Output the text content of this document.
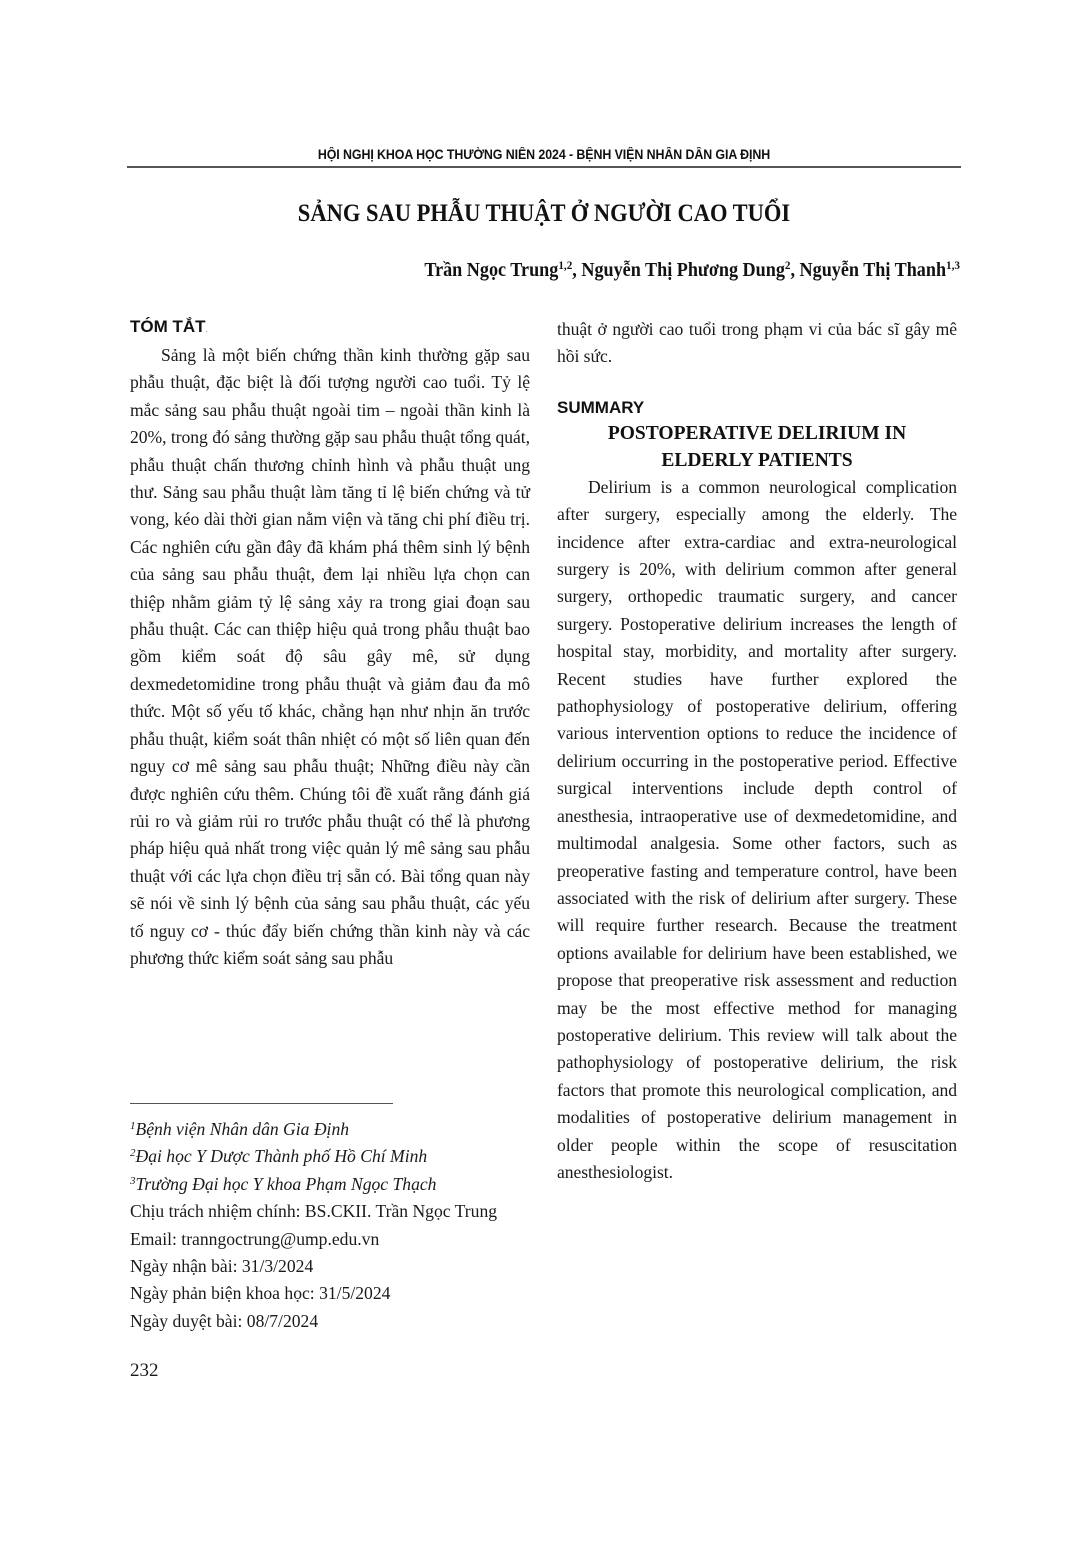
HỘI NGHỊ KHOA HỌC THƯỜNG NIÊN 2024 - BỆNH VIỆN NHÂN DÂN GIA ĐỊNH
SẢNG SAU PHẪU THUẬT Ở NGƯỜI CAO TUỔI
Trần Ngọc Trung$^{1,2}$, Nguyễn Thị Phương Dung$^2$, Nguyễn Thị Thanh$^{1,3}$
TÓM TẮT.

Sảng là một biến chứng thần kinh thường gặp sau phẫu thuật, đặc biệt là đối tượng người cao tuổi. Tỷ lệ mắc sảng sau phẫu thuật ngoài tim – ngoài thần kinh là 20%, trong đó sảng thường gặp sau phẫu thuật tổng quát, phẫu thuật chấn thương chỉnh hình và phẫu thuật ung thư. Sảng sau phẫu thuật làm tăng tỉ lệ biến chứng và tử vong, kéo dài thời gian nằm viện và tăng chi phí điều trị. Các nghiên cứu gần đây đã khám phá thêm sinh lý bệnh của sảng sau phẫu thuật, đem lại nhiều lựa chọn can thiệp nhằm giảm tỷ lệ sảng xảy ra trong giai đoạn sau phẫu thuật. Các can thiệp hiệu quả trong phẫu thuật bao gồm kiểm soát độ sâu gây mê, sử dụng dexmedetomidine trong phẫu thuật và giảm đau đa mô thức. Một số yếu tố khác, chẳng hạn như nhịn ăn trước phẫu thuật, kiểm soát thân nhiệt có một số liên quan đến nguy cơ mê sảng sau phẫu thuật; Những điều này cần được nghiên cứu thêm. Chúng tôi đề xuất rằng đánh giá rủi ro và giảm rủi ro trước phẫu thuật có thể là phương pháp hiệu quả nhất trong việc quản lý mê sảng sau phẫu thuật với các lựa chọn điều trị sẵn có. Bài tổng quan này sẽ nói về sinh lý bệnh của sảng sau phẫu thuật, các yếu tố nguy cơ - thúc đẩy biến chứng thần kinh này và các phương thức kiểm soát sảng sau phẫu

thuật ở người cao tuổi trong phạm vi của bác sĩ gây mê hồi sức.

SUMMARY
POSTOPERATIVE DELIRIUM IN
ELDERLY PATIENTS

Delirium is a common neurological complication after surgery, especially among the elderly. The incidence after extra-cardiac and extra-neurological surgery is 20%, with delirium common after general surgery, orthopedic traumatic surgery, and cancer surgery. Postoperative delirium increases the length of hospital stay, morbidity, and mortality after surgery. Recent studies have further explored the pathophysiology of postoperative delirium, offering various intervention options to reduce the incidence of delirium occurring in the postoperative period. Effective surgical interventions include depth control of anesthesia, intraoperative use of dexmedetomidine, and multimodal analgesia. Some other factors, such as preoperative fasting and temperature control, have been associated with the risk of delirium after surgery. These will require further research. Because the treatment options available for delirium have been established, we propose that preoperative risk assessment and reduction may be the most effective method for managing postoperative delirium. This review will talk about the pathophysiology of postoperative delirium, the risk factors that promote this neurological complication, and modalities of postoperative delirium management in older people within the scope of resuscitation anesthesiologist.

$^1$Bệnh viện Nhân dân Gia Định
$^2$Đại học Y Dược Thành phố Hồ Chí Minh
$^3$Trường Đại học Y khoa Phạm Ngọc Thạch
Chịu trách nhiệm chính: BS.CKII. Trần Ngọc Trung
Email: tranngoctrung@ump.edu.vn
Ngày nhận bài: 31/3/2024
Ngày phản biện khoa học: 31/5/2024
Ngày duyệt bài: 08/7/2024
232
